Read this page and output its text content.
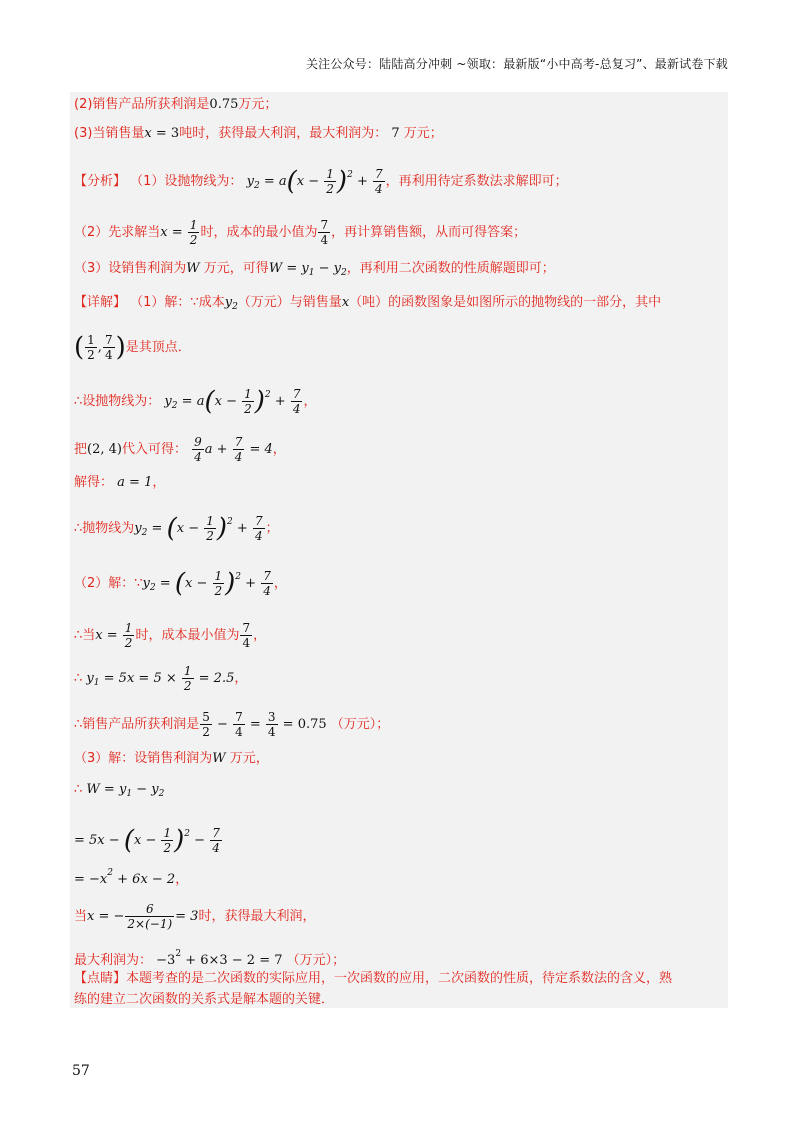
关注公众号：陆陆高分冲刺 ~领取：最新版“小中高考-总复习”、最新试卷下载
(2)销售产品所获利润是0.75万元；
(3)当销售量x = 3吨时，获得最大利润，最大利润为： 7 万元；
【分析】 （1）设抛物线为： $y_2 = a(x - \frac{1}{2} )^2 + \frac{7}{4}$ ，再利用待定系数法求解即可；
（2）先求解当$x = \frac{1}{2}$ 时，成本的最小值为 $\frac{7}{4}$ ，再计算销售额，从而可得答案；
（3）设销售利润为W 万元，可得$W = y_1 - y_2$，再利用二次函数的性质解题即可；
【详解】 （1）解：∵成本$y_2$（万元）与销售量x（吨）的函数图象是如图所示的抛物线的一部分，其中
( $\frac{1}{2}$ , $\frac{7}{4}$ )是其顶点．
∴设抛物线为： $y_2 = a(x - \frac{1}{2} )^2 + \frac{7}{4}$ ，
把(2, 4)代入可得： $\frac{9}{4}$ $a + \frac{7}{4} = 4$，
解得： a = 1，
∴抛物线为$y_2 = (x - \frac{1}{2} )^2 + \frac{7}{4}$ ；
（2）解：$\because y_2 = (x - \frac{1}{2} )^2 + \frac{7}{4}$ ，
∴当$x = \frac{1}{2}$ 时，成本最小值为 $\frac{7}{4}$ ，
∴ $y_1 = 5x = 5 \times \frac{1}{2} = 2.5$，
∴销售产品所获利润是 $\frac{5}{2} - \frac{7}{4} = \frac{3}{4} = 0.75$ （万元）；
（3）解：设销售利润为W 万元，
∴ $W = y_1 - y_2$
= $5x - (x - \frac{1}{2} )^2 - \frac{7}{4}$
= $-x^2 + 6x - 2$，
当x = − $\frac{6}{2\times(-1)} = 3$时，获得最大利润，
最大利润为： $-3^2 + 6\times 3 - 2 = 7$ （万元）；
【点睛】本题考查的是二次函数的实际应用，一次函数的应用，二次函数的性质，待定系数法的含义，熟
练的建立二次函数的关系式是解本题的关键．
57
